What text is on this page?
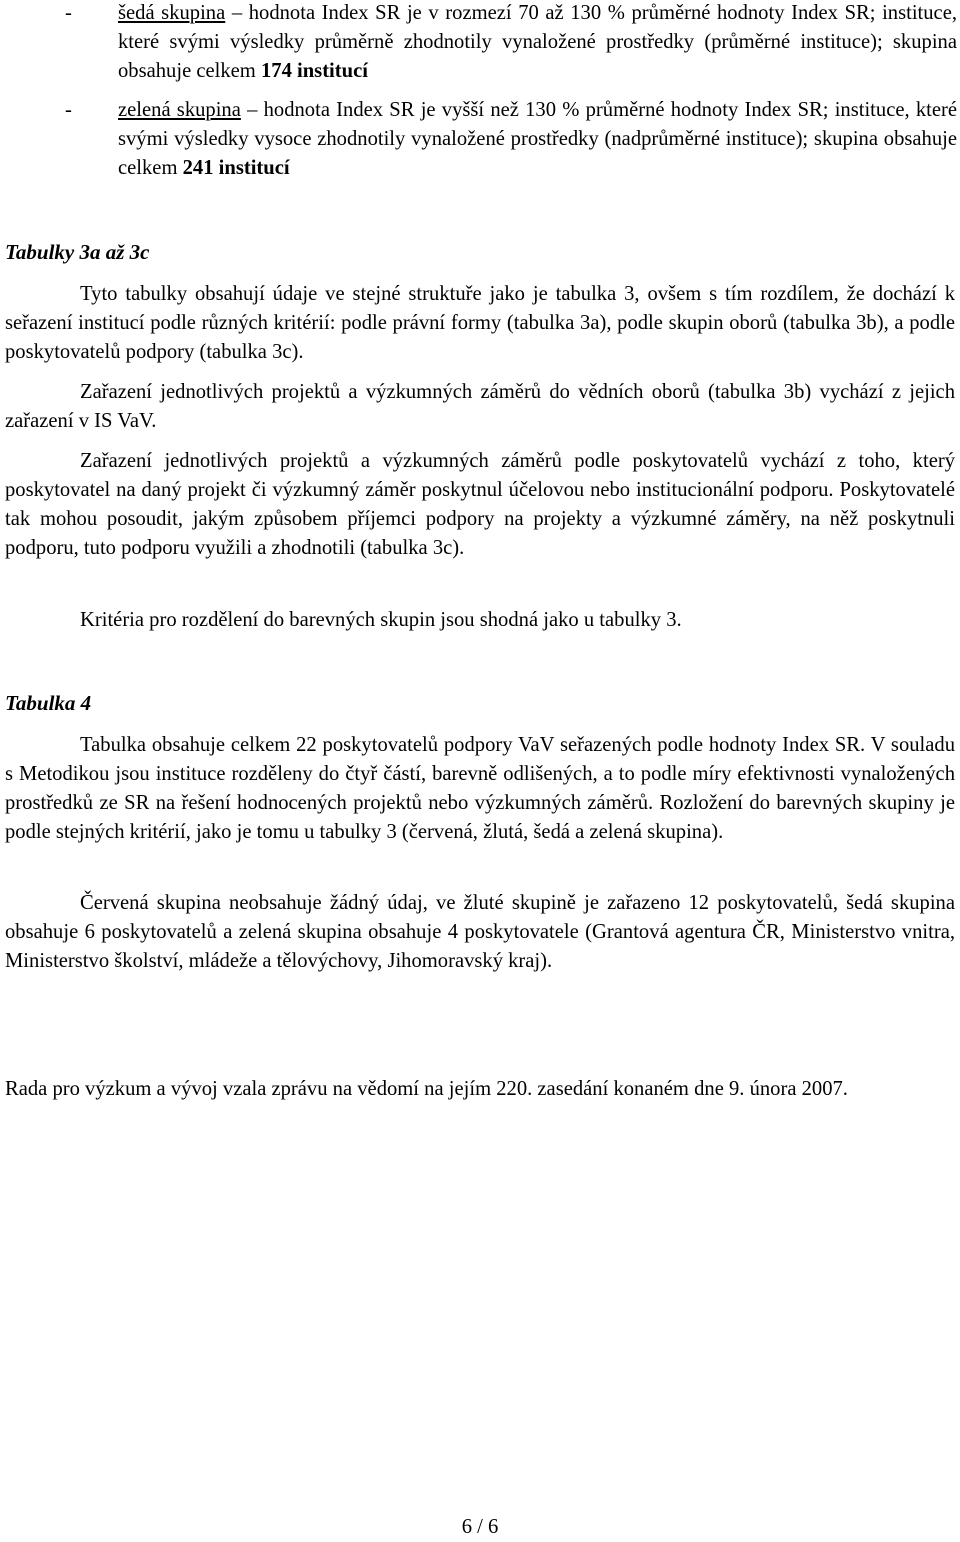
- šedá skupina – hodnota Index SR je v rozmezí 70 až 130 % průměrné hodnoty Index SR; instituce, které svými výsledky průměrně zhodnotily vynaložené prostředky (průměrné instituce); skupina obsahuje celkem 174 institucí
- zelená skupina – hodnota Index SR je vyšší než 130 % průměrné hodnoty Index SR; instituce, které svými výsledky vysoce zhodnotily vynaložené prostředky (nadprůměrné instituce); skupina obsahuje celkem 241 institucí
Tabulky 3a až 3c
Tyto tabulky obsahují údaje ve stejné struktuře jako je tabulka 3, ovšem s tím rozdílem, že dochází k seřazení institucí podle různých kritérií: podle právní formy (tabulka 3a), podle skupin oborů (tabulka 3b), a podle poskytovatelů podpory (tabulka 3c).
Zařazení jednotlivých projektů a výzkumných záměrů do vědních oborů (tabulka 3b) vychází z jejich zařazení v IS VaV.
Zařazení jednotlivých projektů a výzkumných záměrů podle poskytovatelů vychází z toho, který poskytovatel na daný projekt či výzkumný záměr poskytnul účelovou nebo institucionální podporu. Poskytovatelé tak mohou posoudit, jakým způsobem příjemci podpory na projekty a výzkumné záměry, na něž poskytnuli podporu, tuto podporu využili a zhodnotili (tabulka 3c).
Kritéria pro rozdělení do barevných skupin jsou shodná jako u tabulky 3.
Tabulka 4
Tabulka obsahuje celkem 22 poskytovatelů podpory VaV seřazených podle hodnoty Index SR. V souladu s Metodikou jsou instituce rozděleny do čtyř částí, barevně odlišených, a to podle míry efektivnosti vynaložených prostředků ze SR na řešení hodnocených projektů nebo výzkumných záměrů. Rozložení do barevných skupiny je podle stejných kritérií, jako je tomu u tabulky 3 (červená, žlutá, šedá a zelená skupina).
Červená skupina neobsahuje žádný údaj, ve žluté skupině je zařazeno 12 poskytovatelů, šedá skupina obsahuje 6 poskytovatelů a zelená skupina obsahuje 4 poskytovatele (Grantová agentura ČR, Ministerstvo vnitra, Ministerstvo školství, mládeže a tělovýchovy, Jihomoravský kraj).
Rada pro výzkum a vývoj vzala zprávu na vědomí na jejím 220. zasedání konaném dne 9. února 2007.
6 / 6
